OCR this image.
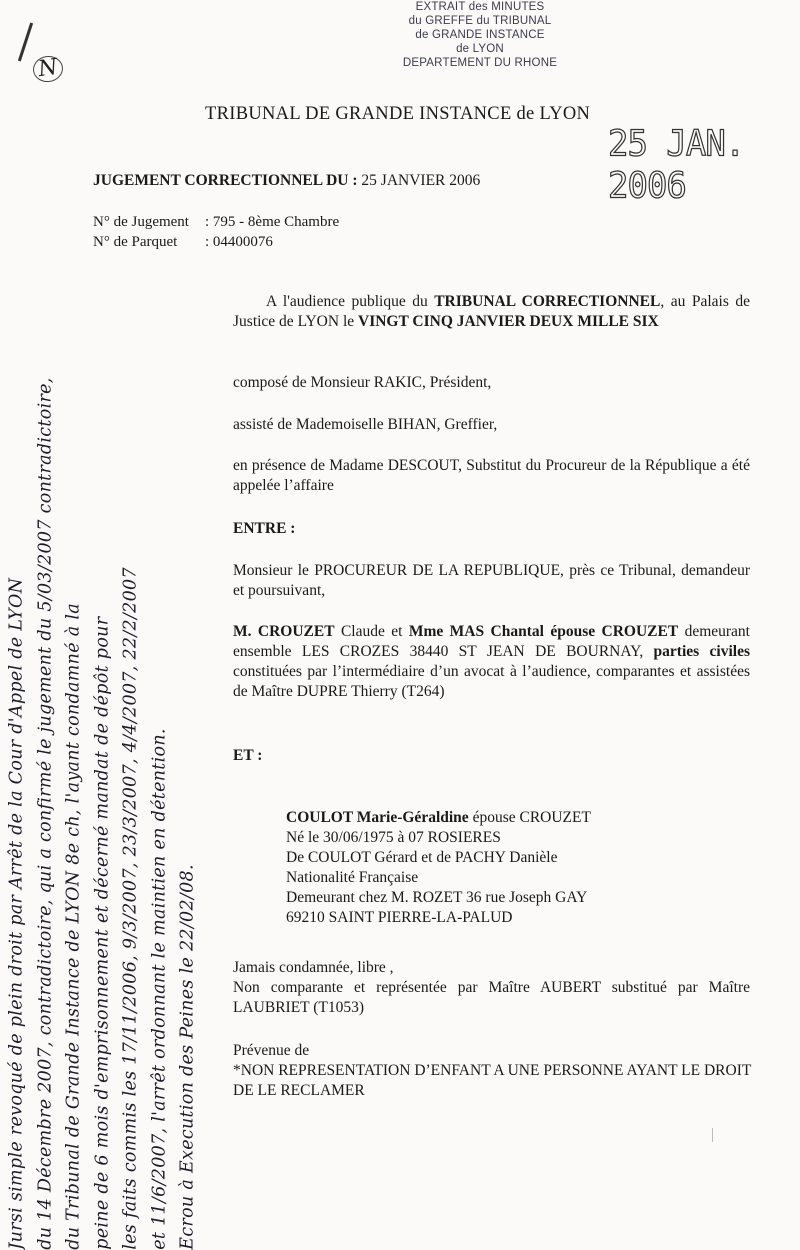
EXTRAIT des MINUTES
du GREFFE du TRIBUNAL
de GRANDE INSTANCE
de LYON
DEPARTEMENT DU RHONE
N
TRIBUNAL DE GRANDE INSTANCE de LYON
25 JAN. 2006
JUGEMENT CORRECTIONNEL DU : 25 JANVIER 2006
N° de Jugement : 795 - 8ème Chambre
N° de Parquet : 04400076
A l'audience publique du TRIBUNAL CORRECTIONNEL, au Palais de Justice de LYON le VINGT CINQ JANVIER DEUX MILLE SIX
composé de Monsieur RAKIC, Président,
assisté de Mademoiselle BIHAN, Greffier,
en présence de Madame DESCOUT, Substitut du Procureur de la République a été appelée l’affaire
ENTRE :
Monsieur le PROCUREUR DE LA REPUBLIQUE, près ce Tribunal, demandeur et poursuivant,
M. CROUZET Claude et Mme MAS Chantal épouse CROUZET demeurant ensemble LES CROZES 38440 ST JEAN DE BOURNAY, parties civiles constituées par l’intermédiaire d’un avocat à l’audience, comparantes et assistées de Maître DUPRE Thierry (T264)
ET :
COULOT Marie-Géraldine épouse CROUZET
Né le 30/06/1975 à 07 ROSIERES
De COULOT Gérard et de PACHY Danièle
Nationalité Française
Demeurant chez M. ROZET 36 rue Joseph GAY
69210 SAINT PIERRE-LA-PALUD
Jamais condamnée, libre ,
Non comparante et représentée par Maître AUBERT substitué par Maître LAUBRIET (T1053)
Prévenue de
*NON REPRESENTATION D’ENFANT A UNE PERSONNE AYANT LE DROIT DE LE RECLAMER
Jursi simple revoqué de plein droit par Arrêt de la Cour d'Appel de LYON du 14 Décembre 2007, contradictoire, qui a confirmé le jugement du 5/03/2007 contradictoire, du Tribunal de Grande Instance de LYON 8e ch, l'ayant condamné à la peine de 6 mois d'emprisonnement et décerné mandat de dépôt pour les faits commis les 17/11/2006, 9/3/2007, 23/3/2007, 4/4/2007, 22/2/2007 et 11/6/2007, l'arrêt ordonnant le maintien en détention. Ecrou à Execution des Peines le 22/02/08.
